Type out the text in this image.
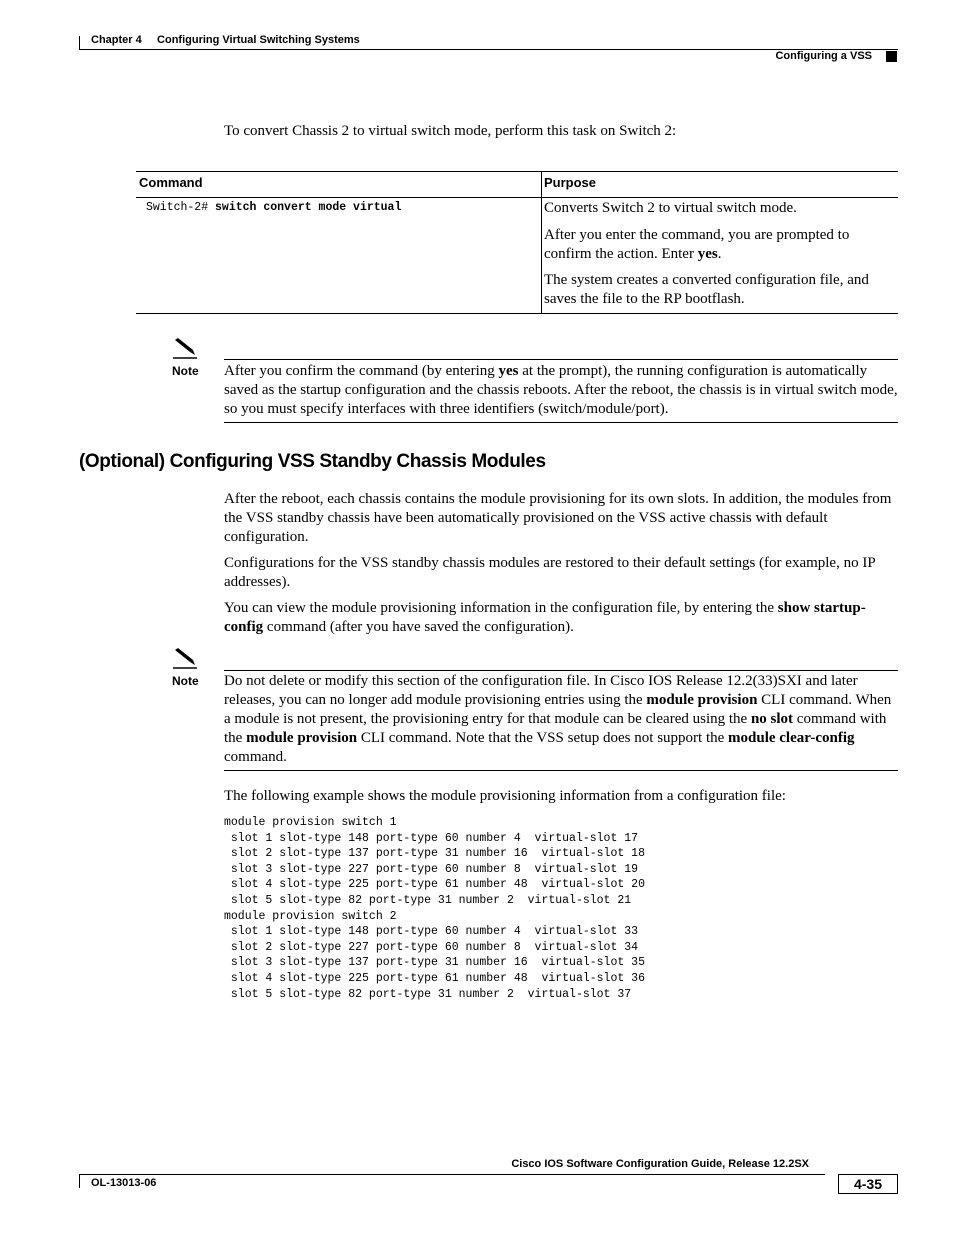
Chapter 4 Configuring Virtual Switching Systems
Configuring a VSS
To convert Chassis 2 to virtual switch mode, perform this task on Switch 2:
Command	Purpose
Switch-2# switch convert mode virtual	Converts Switch 2 to virtual switch mode.
After you enter the command, you are prompted to confirm the action. Enter yes.
The system creates a converted configuration file, and saves the file to the RP bootflash.
Note After you confirm the command (by entering yes at the prompt), the running configuration is automatically saved as the startup configuration and the chassis reboots. After the reboot, the chassis is in virtual switch mode, so you must specify interfaces with three identifiers (switch/module/port).
(Optional) Configuring VSS Standby Chassis Modules
After the reboot, each chassis contains the module provisioning for its own slots. In addition, the modules from the VSS standby chassis have been automatically provisioned on the VSS active chassis with default configuration.
Configurations for the VSS standby chassis modules are restored to their default settings (for example, no IP addresses).
You can view the module provisioning information in the configuration file, by entering the show startup-config command (after you have saved the configuration).
Note Do not delete or modify this section of the configuration file. In Cisco IOS Release 12.2(33)SXI and later releases, you can no longer add module provisioning entries using the module provision CLI command. When a module is not present, the provisioning entry for that module can be cleared using the no slot command with the module provision CLI command. Note that the VSS setup does not support the module clear-config command.
The following example shows the module provisioning information from a configuration file:
module provision switch 1
slot 1 slot-type 148 port-type 60 number 4  virtual-slot 17
slot 2 slot-type 137 port-type 31 number 16  virtual-slot 18
slot 3 slot-type 227 port-type 60 number 8  virtual-slot 19
slot 4 slot-type 225 port-type 61 number 48  virtual-slot 20
slot 5 slot-type 82 port-type 31 number 2  virtual-slot 21
module provision switch 2
slot 1 slot-type 148 port-type 60 number 4  virtual-slot 33
slot 2 slot-type 227 port-type 60 number 8  virtual-slot 34
slot 3 slot-type 137 port-type 31 number 16  virtual-slot 35
slot 4 slot-type 225 port-type 61 number 48  virtual-slot 36
slot 5 slot-type 82 port-type 31 number 2  virtual-slot 37
Cisco IOS Software Configuration Guide, Release 12.2SX
OL-13013-06	4-35
